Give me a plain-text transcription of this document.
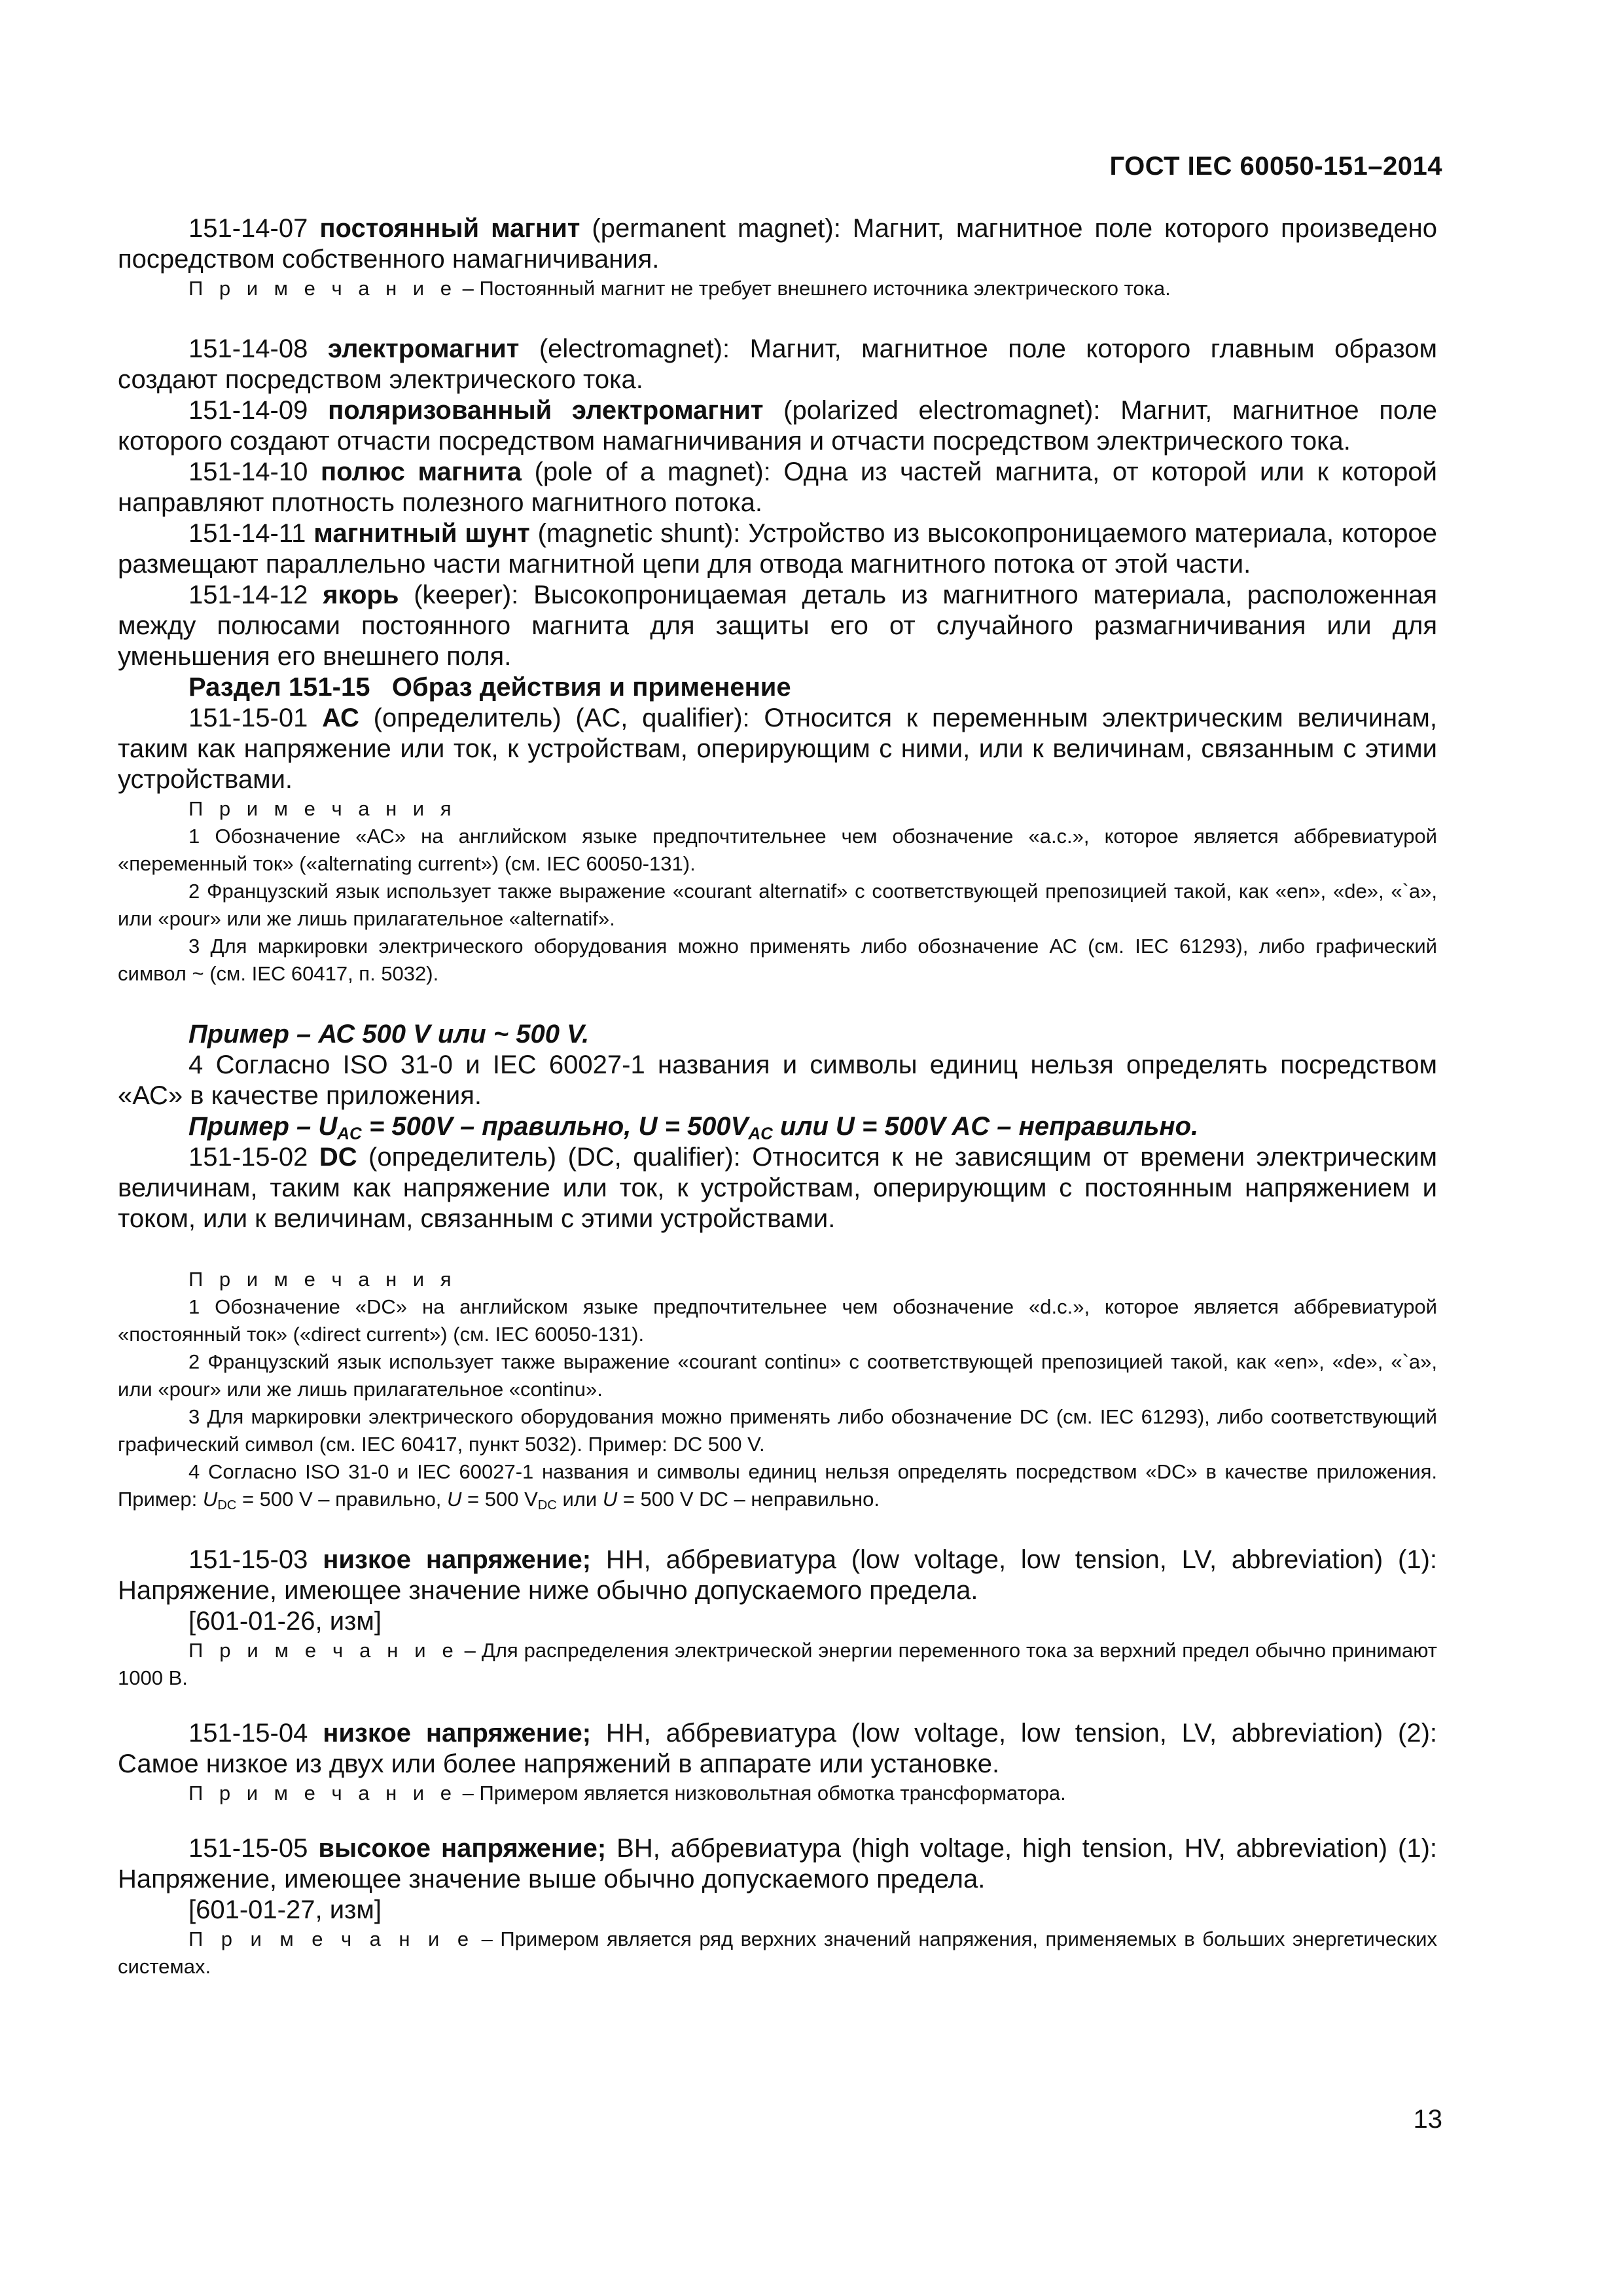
ГОСТ IEC 60050-151–2014

151-14-07 постоянный магнит (permanent magnet): Магнит, магнитное поле которого произведено посредством собственного намагничивания.

П р и м е ч а н и е – Постоянный магнит не требует внешнего источника электрического тока.

151-14-08 электромагнит (electromagnet): Магнит, магнитное поле которого главным образом создают посредством электрического тока.

151-14-09 поляризованный электромагнит (polarized electromagnet): Магнит, магнитное поле которого создают отчасти посредством намагничивания и отчасти посредством электрического тока.

151-14-10 полюс магнита (pole of a magnet): Одна из частей магнита, от которой или к которой направляют плотность полезного магнитного потока.

151-14-11 магнитный шунт (magnetic shunt): Устройство из высокопроницаемого материала, которое размещают параллельно части магнитной цепи для отвода магнитного потока от этой части.

151-14-12 якорь (keeper): Высокопроницаемая деталь из магнитного материала, расположенная между полюсами постоянного магнита для защиты его от случайного размагничивания или для уменьшения его внешнего поля.

Раздел 151-15   Образ действия и применение

151-15-01 АС (определитель) (AC, qualifier): Относится к переменным электрическим величинам, таким как напряжение или ток, к устройствам, оперирующим с ними, или к величинам, связанным с этими устройствами.

П р и м е ч а н и я

1 Обозначение «АС» на английском языке предпочтительнее чем обозначение «а.с.», которое является аббревиатурой «переменный ток» («alternating current») (см. IEC 60050-131).

2 Французский язык использует также выражение «courant alternatif» с соответствующей препозицией такой, как «en», «de», «`a», или «pour» или же лишь прилагательное «alternatif».

3 Для маркировки электрического оборудования можно применять либо обозначение АС (см. IEC 61293), либо графический символ ~ (см. IEC 60417, п. 5032).

Пример – АС 500 V или ~ 500 V.

4 Согласно ISO 31-0 и IEC 60027-1 названия и символы единиц нельзя определять посредством «АС» в качестве приложения.

Пример – $U_{AC} = 500V$ – правильно, $U = 500V_{AC}$ или U = 500V AC – неправильно.

151-15-02 DC (определитель) (DC, qualifier): Относится к не зависящим от времени электрическим величинам, таким как напряжение или ток, к устройствам, оперирующим с постоянным напряжением и током, или к величинам, связанным с этими устройствами.

П р и м е ч а н и я

1 Обозначение «DC» на английском языке предпочтительнее чем обозначение «d.c.», которое является аббревиатурой «постоянный ток» («direct current») (см. IEC 60050-131).

2 Французский язык использует также выражение «courant continu» с соответствующей препозицией такой, как «en», «de», «`a», или «pour» или же лишь прилагательное «continu».

3 Для маркировки электрического оборудования можно применять либо обозначение DC (см. IEC 61293), либо соответствующий графический символ (см. IEC 60417, пункт 5032). Пример: DC 500 V.

4 Согласно ISO 31-0 и IEC 60027-1 названия и символы единиц нельзя определять посредством «DC» в качестве приложения. Пример: $U_{DC} = 500$ V – правильно, U = 500 $V_{DC}$ или U = 500 V DC – неправильно.

151-15-03 низкое напряжение; НН, аббревиатура (low voltage, low tension, LV, abbreviation) (1): Напряжение, имеющее значение ниже обычно допускаемого предела.

[601-01-26, изм]

П р и м е ч а н и е – Для распределения электрической энергии переменного тока за верхний предел обычно принимают 1000 В.

151-15-04 низкое напряжение; НН, аббревиатура (low voltage, low tension, LV, abbreviation) (2): Самое низкое из двух или более напряжений в аппарате или установке.

П р и м е ч а н и е – Примером является низковольтная обмотка трансформатора.

151-15-05 высокое напряжение; ВН, аббревиатура (high voltage, high tension, HV, abbreviation) (1): Напряжение, имеющее значение выше обычно допускаемого предела.

[601-01-27, изм]

П р и м е ч а н и е – Примером является ряд верхних значений напряжения, применяемых в больших энергетических системах.

13
